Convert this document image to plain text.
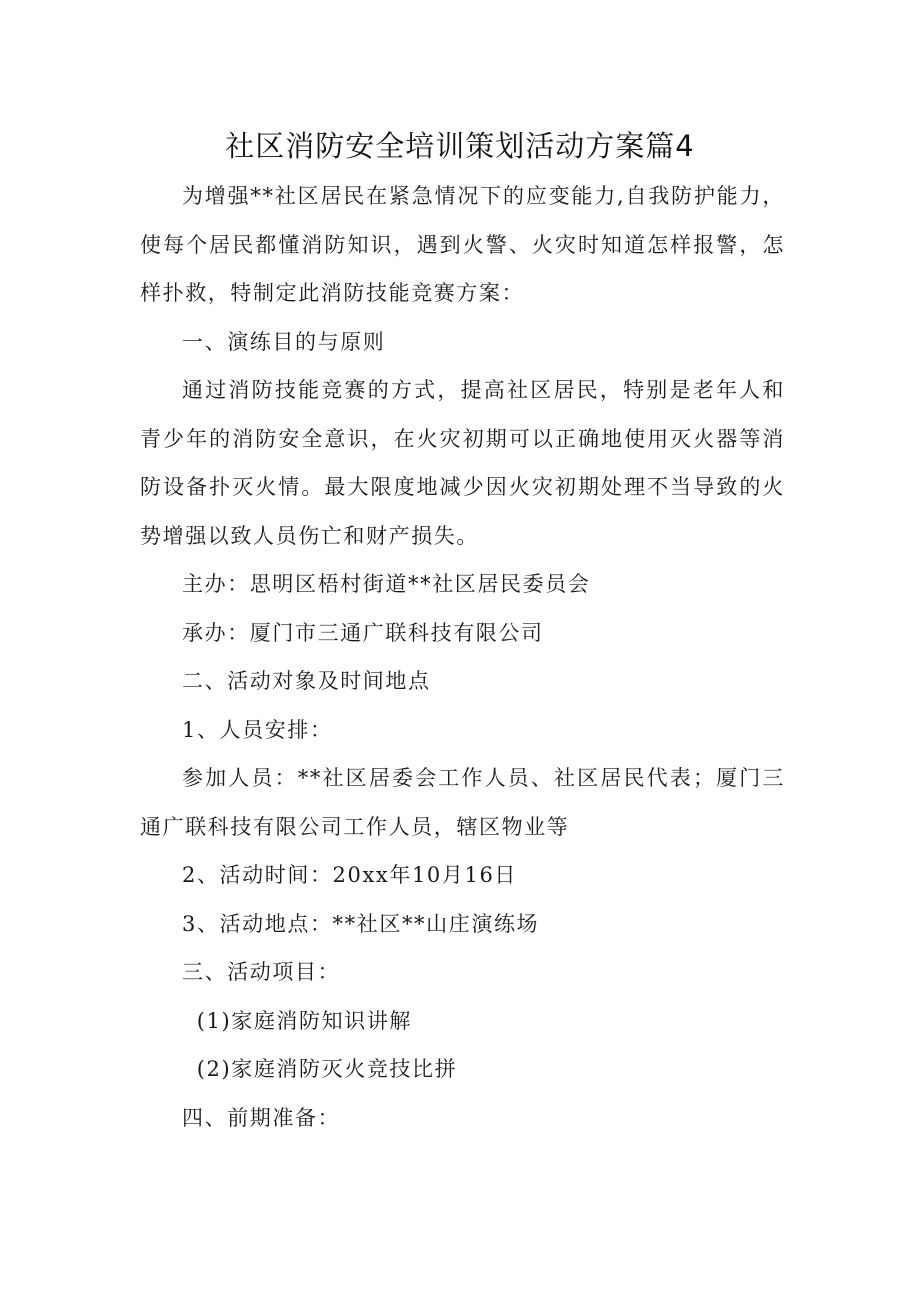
社区消防安全培训策划活动方案篇4

为增强**社区居民在紧急情况下的应变能力,自我防护能力，使每个居民都懂消防知识，遇到火警、火灾时知道怎样报警，怎样扑救，特制定此消防技能竞赛方案：

一、演练目的与原则

通过消防技能竞赛的方式，提高社区居民，特别是老年人和青少年的消防安全意识，在火灾初期可以正确地使用灭火器等消防设备扑灭火情。最大限度地减少因火灾初期处理不当导致的火势增强以致人员伤亡和财产损失。

主办：思明区梧村街道**社区居民委员会

承办：厦门市三通广联科技有限公司

二、活动对象及时间地点

1、人员安排：

参加人员：**社区居委会工作人员、社区居民代表；厦门三通广联科技有限公司工作人员，辖区物业等

2、活动时间：20xx年10月16日

3、活动地点：**社区**山庄演练场

三、活动项目：

(1)家庭消防知识讲解

(2)家庭消防灭火竞技比拼

四、前期准备：
